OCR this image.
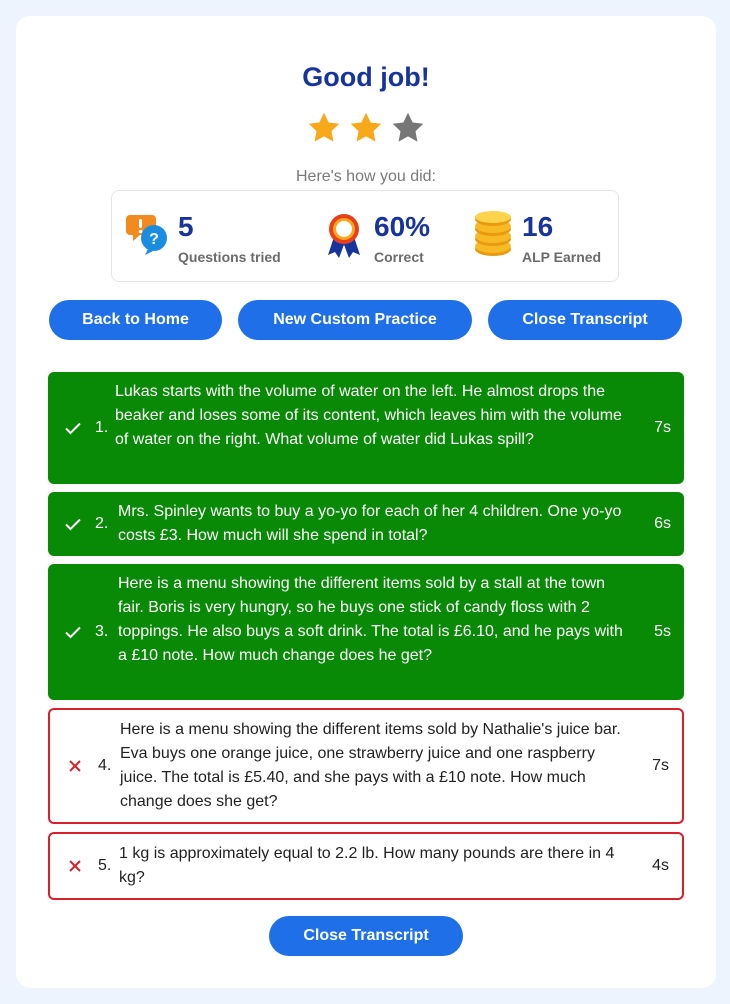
Good job!
Here's how you did:
? 5
Questions tried
60%
Correct
16
ALP Earned
Back to Home	New Custom Practice	Close Transcript
1.
Lukas starts with the volume of water on the left. He almost drops the beaker and loses some of its content, which leaves him with the volume of water on the right. What volume of water did Lukas spill?
7s
2.
Mrs. Spinley wants to buy a yo-yo for each of her 4 children. One yo-yo costs £3. How much will she spend in total?
6s
3.
Here is a menu showing the different items sold by a stall at the town fair. Boris is very hungry, so he buys one stick of candy floss with 2 toppings. He also buys a soft drink. The total is £6.10, and he pays with a £10 note. How much change does he get?
5s
4.
Here is a menu showing the different items sold by Nathalie's juice bar. Eva buys one orange juice, one strawberry juice and one raspberry juice. The total is £5.40, and she pays with a £10 note. How much change does she get?
7s
5.
1 kg is approximately equal to 2.2 lb. How many pounds are there in 4 kg?
4s
Close Transcript
